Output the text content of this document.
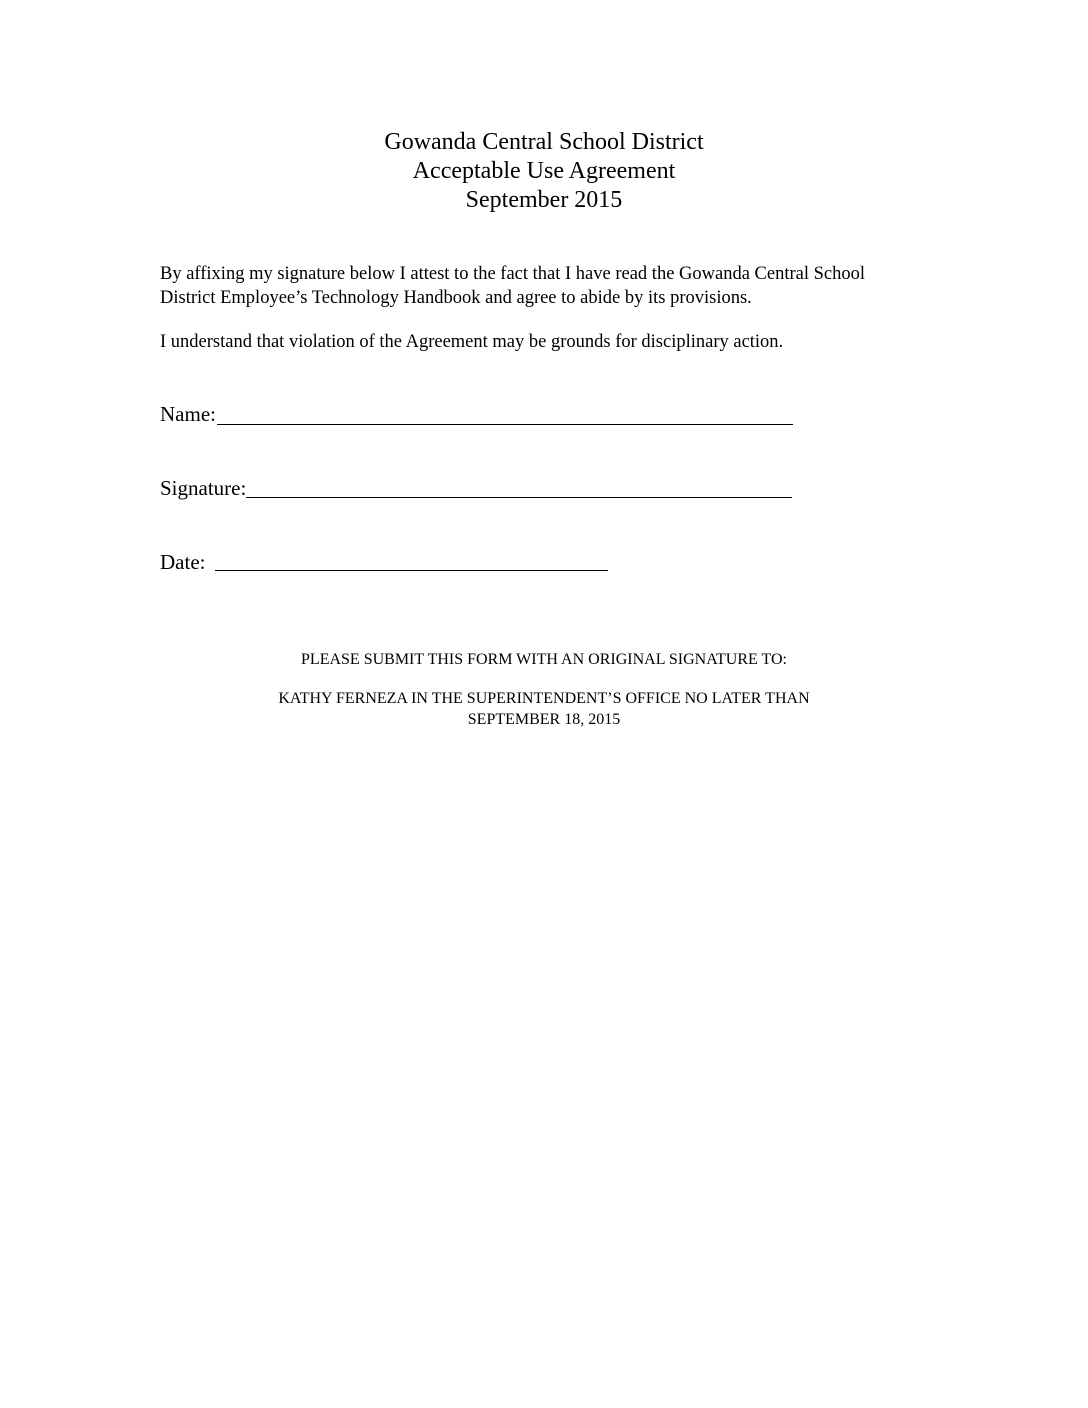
Gowanda Central School District
Acceptable Use Agreement
September 2015
By affixing my signature below I attest to the fact that I have read the Gowanda Central School District Employee’s Technology Handbook and agree to abide by its provisions.
I understand that violation of the Agreement may be grounds for disciplinary action.
Name:
Signature:
Date:
PLEASE SUBMIT THIS FORM WITH AN ORIGINAL SIGNATURE TO:
KATHY FERNEZA IN THE SUPERINTENDENT’S OFFICE NO LATER THAN
SEPTEMBER 18, 2015
